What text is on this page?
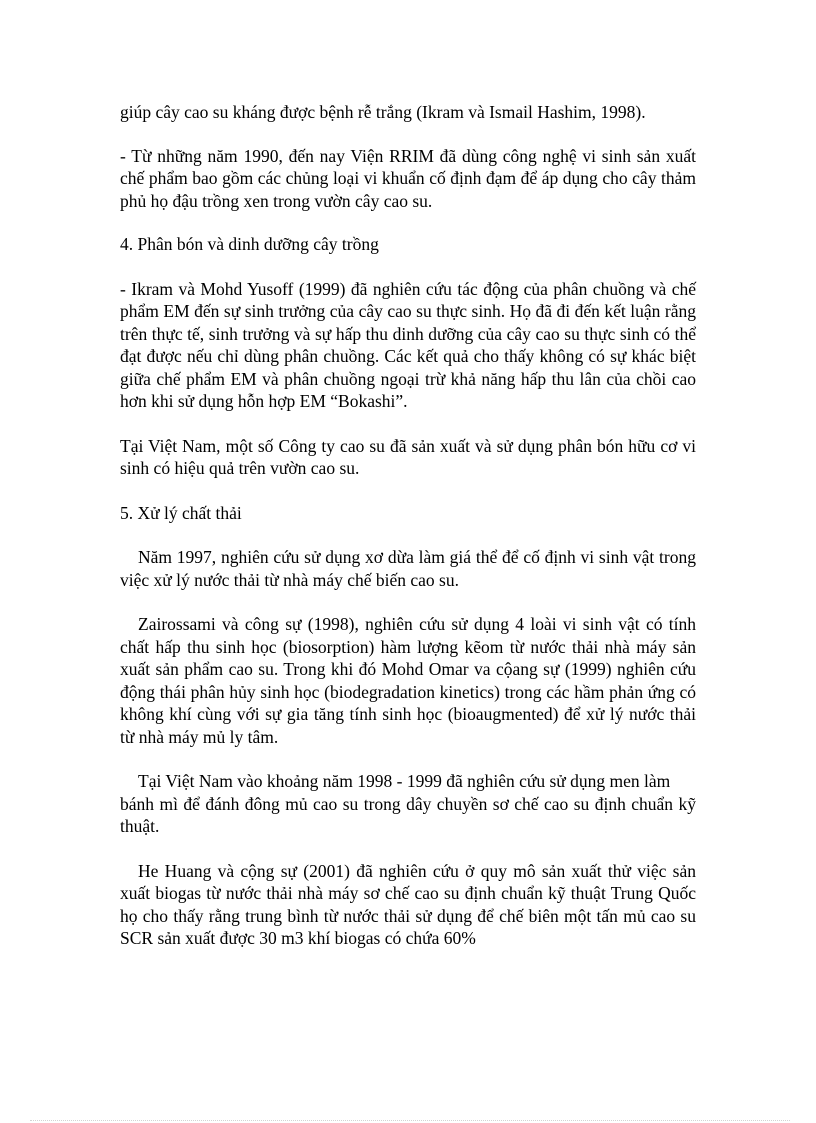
giúp cây cao su kháng được bệnh rễ trắng (Ikram và Ismail Hashim, 1998).

- Từ những năm 1990, đến nay Viện RRIM đã dùng công nghệ vi sinh sản xuất chế phẩm bao gồm các chủng loại vi khuẩn cố định đạm để áp dụng cho cây thảm phủ họ đậu trồng xen trong vườn cây cao su.

4. Phân bón và dinh dưỡng cây trồng

- Ikram và Mohd Yusoff (1999) đã nghiên cứu tác động của phân chuồng và chế phẩm EM đến sự sinh trưởng của cây cao su thực sinh. Họ đã đi đến kết luận rằng trên thực tế, sinh trưởng và sự hấp thu dinh dưỡng của cây cao su thực sinh có thể đạt được nếu chỉ dùng phân chuồng. Các kết quả cho thấy không có sự khác biệt giữa chế phẩm EM và phân chuồng ngoại trừ khả năng hấp thu lân của chồi cao hơn khi sử dụng hỗn hợp EM “Bokashi”.

Tại Việt Nam, một số Công ty cao su đã sản xuất và sử dụng phân bón hữu cơ vi sinh có hiệu quả trên vườn cao su.

5. Xử lý chất thải

Năm 1997, nghiên cứu sử dụng xơ dừa làm giá thể để cố định vi sinh vật trong việc xử lý nước thải từ nhà máy chế biến cao su.

Zairossami và công sự (1998), nghiên cứu sử dụng 4 loài vi sinh vật có tính chất hấp thu sinh học (biosorption) hàm lượng kẽom từ nước thải nhà máy sản xuất sản phẩm cao su. Trong khi đó Mohd Omar va cộang sự (1999) nghiên cứu động thái phân hủy sinh học (biodegradation kinetics) trong các hầm phản ứng có không khí cùng với sự gia tăng tính sinh học (bioaugmented) để xử lý nước thải từ nhà máy mủ ly tâm.

Tại Việt Nam vào khoảng năm 1998 - 1999 đã nghiên cứu sử dụng men làm

bánh mì để đánh đông mủ cao su trong dây chuyền sơ chế cao su định chuẩn kỹ thuật.

He Huang và cộng sự (2001) đã nghiên cứu ở quy mô sản xuất thử việc sản xuất biogas từ nước thải nhà máy sơ chế cao su định chuẩn kỹ thuật Trung Quốc họ cho thấy rằng trung bình từ nước thải sử dụng để chế biên một tấn mủ cao su SCR sản xuất được 30 m3 khí biogas có chứa 60%
